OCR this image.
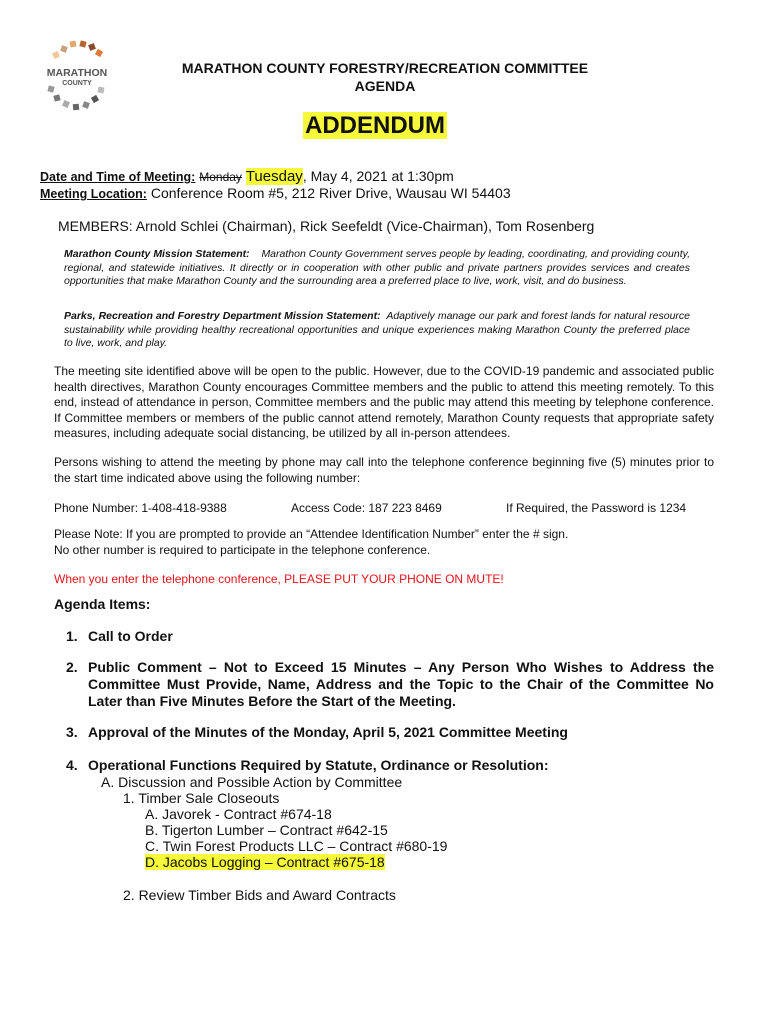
MARATHON
COUNTY
MARATHON COUNTY FORESTRY/RECREATION COMMITTEE
AGENDA
ADDENDUM
Date and Time of Meeting: Monday Tuesday, May 4, 2021 at 1:30pm
Meeting Location: Conference Room #5, 212 River Drive, Wausau WI 54403
MEMBERS: Arnold Schlei (Chairman), Rick Seefeldt (Vice-Chairman), Tom Rosenberg
Marathon County Mission Statement: Marathon County Government serves people by leading, coordinating, and providing county, regional, and statewide initiatives. It directly or in cooperation with other public and private partners provides services and creates opportunities that make Marathon County and the surrounding area a preferred place to live, work, visit, and do business.
Parks, Recreation and Forestry Department Mission Statement: Adaptively manage our park and forest lands for natural resource sustainability while providing healthy recreational opportunities and unique experiences making Marathon County the preferred place to live, work, and play.
The meeting site identified above will be open to the public. However, due to the COVID-19 pandemic and associated public health directives, Marathon County encourages Committee members and the public to attend this meeting remotely. To this end, instead of attendance in person, Committee members and the public may attend this meeting by telephone conference. If Committee members or members of the public cannot attend remotely, Marathon County requests that appropriate safety measures, including adequate social distancing, be utilized by all in-person attendees.
Persons wishing to attend the meeting by phone may call into the telephone conference beginning five (5) minutes prior to the start time indicated above using the following number:
Phone Number: 1-408-418-9388	Access Code: 187 223 8469	If Required, the Password is 1234
Please Note: If you are prompted to provide an “Attendee Identification Number” enter the # sign.
No other number is required to participate in the telephone conference.
When you enter the telephone conference, PLEASE PUT YOUR PHONE ON MUTE!
Agenda Items:
1. Call to Order
2. Public Comment – Not to Exceed 15 Minutes – Any Person Who Wishes to Address the Committee Must Provide, Name, Address and the Topic to the Chair of the Committee No Later than Five Minutes Before the Start of the Meeting.
3. Approval of the Minutes of the Monday, April 5, 2021 Committee Meeting
4. Operational Functions Required by Statute, Ordinance or Resolution:
A. Discussion and Possible Action by Committee
1. Timber Sale Closeouts
A. Javorek - Contract #674-18
B. Tigerton Lumber – Contract #642-15
C. Twin Forest Products LLC – Contract #680-19
D. Jacobs Logging – Contract #675-18
2. Review Timber Bids and Award Contracts
